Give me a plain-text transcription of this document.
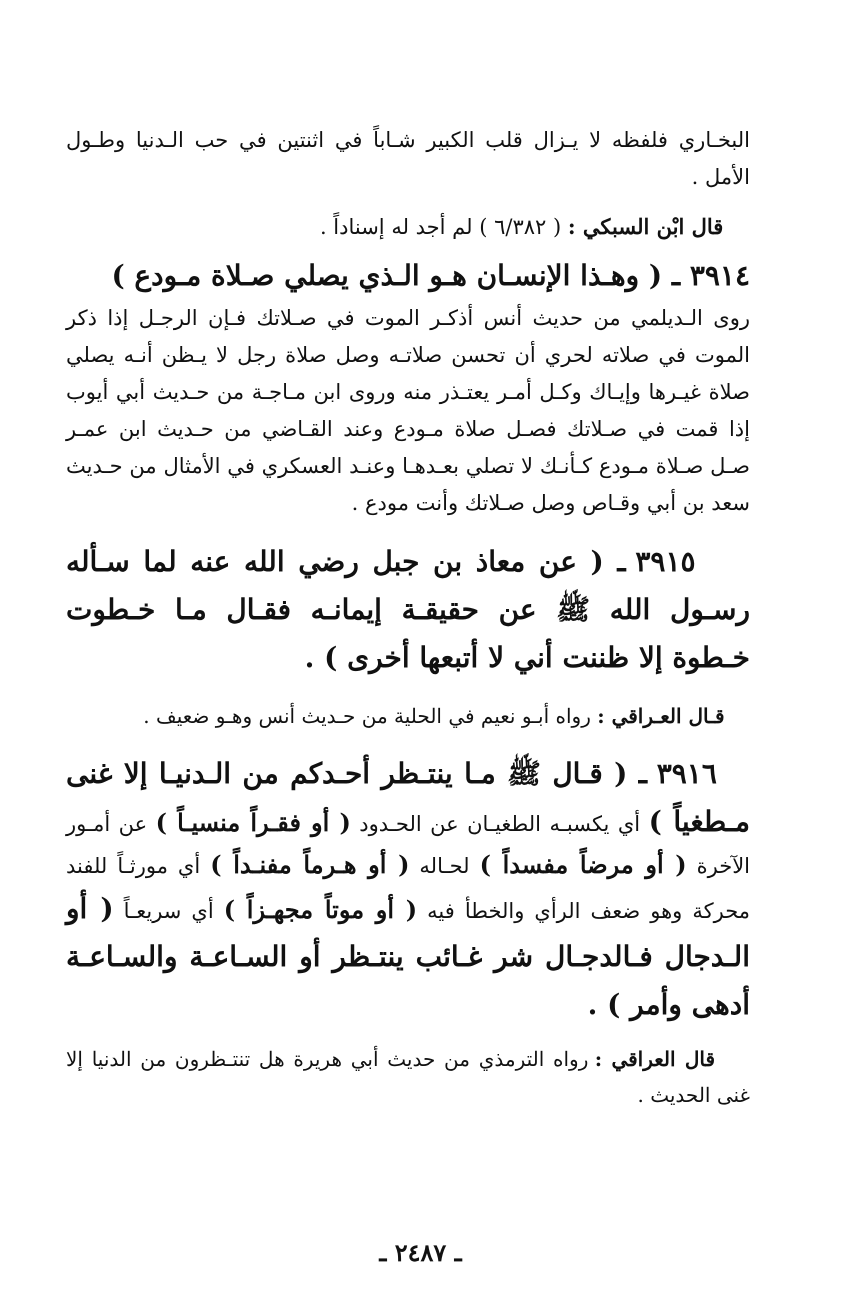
البخـاري فلفظه لا يـزال قلب الكبير شـاباً في اثنتين في حب الـدنيا وطـول الأمل .

قال ابْن السبكي : ( ٦/٣٨٢ ) لم أجد له إسناداً .

٣٩١٤ ـ ( وهـذا الإنسـان هـو الـذي يصلي صـلاة مـودع )

روى الـديلمي من حديث أنس أذكـر الموت في صـلاتك فـإن الرجـل إذا ذكر الموت في صلاته لحري أن تحسن صلاتـه وصل صلاة رجل لا يـظن أنـه يصلي صلاة غيـرها وإيـاك وكـل أمـر يعتـذر منه وروى ابن مـاجـة من حـديث أبي أيوب إذا قمت في صـلاتك فصـل صلاة مـودع وعند القـاضي من حـديث ابن عمـر صـل صـلاة مـودع كـأنـك لا تصلي بعـدهـا وعنـد العسكري في الأمثال من حـديث سعد بن أبي وقـاص وصل صـلاتك وأنت مودع .

٣٩١٥ ـ ( عن معاذ بن جبل رضي الله عنه لما سـأله رسـول الله ﷺ عن حقيقـة إيمانـه فقـال مـا خـطوت خـطوة إلا ظننت أني لا أتبعها أخرى ) .

قـال العـراقي : رواه أبـو نعيم في الحلية من حـديث أنس وهـو ضعيف .

٣٩١٦ ـ ( قـال ﷺ مـا ينتـظر أحـدكم من الـدنيـا إلا غنى مـطغياً ) أي يكسبـه الطغيـان عن الحـدود ( أو فقـراً منسيـاً ) عن أمـور الآخرة ( أو مرضاً مفسداً ) لحـاله ( أو هـرماً مفنـداً ) أي مورثـاً للفند محركة وهو ضعف الرأي والخطأ فيه ( أو موتاً مجهـزاً ) أي سريعـاً ( أو الـدجال فـالدجـال شر غـائب ينتـظر أو السـاعـة والسـاعـة أدهى وأمر ) .

قال العراقي : رواه الترمذي من حديث أبي هريرة هل تنتـظرون من الدنيا إلا غنى الحديث .

ـ ٢٤٨٧ ـ
